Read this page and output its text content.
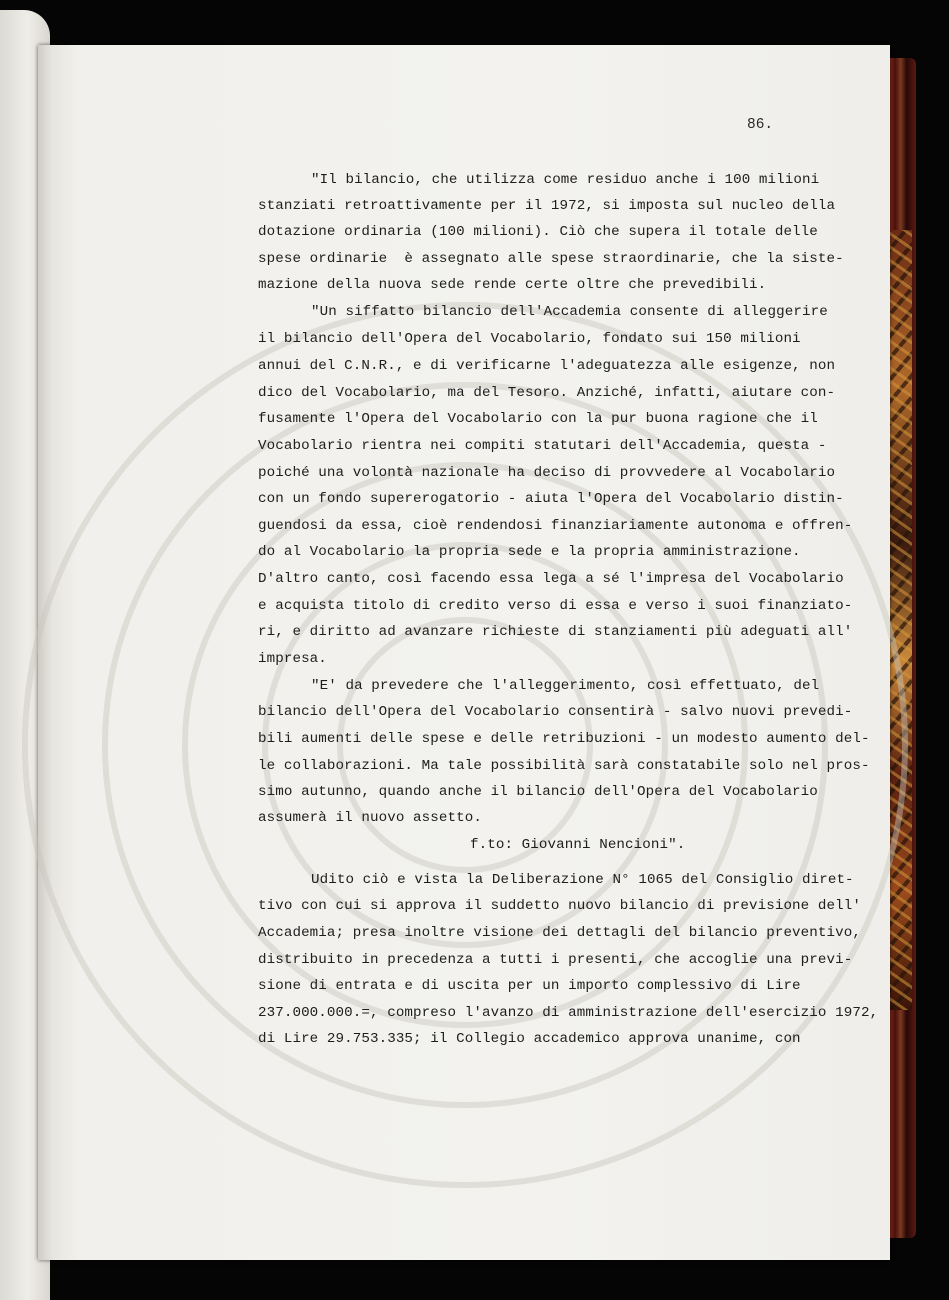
86.
"Il bilancio, che utilizza come residuo anche i 100 milioni
stanziati retroattivamente per il 1972, si imposta sul nucleo della
dotazione ordinaria (100 milioni). Ciò che supera il totale delle
spese ordinarie  è assegnato alle spese straordinarie, che la siste-
mazione della nuova sede rende certe oltre che prevedibili.
"Un siffatto bilancio dell'Accademia consente di alleggerire
il bilancio dell'Opera del Vocabolario, fondato sui 150 milioni
annui del C.N.R., e di verificarne l'adeguatezza alle esigenze, non
dico del Vocabolario, ma del Tesoro. Anziché, infatti, aiutare con-
fusamente l'Opera del Vocabolario con la pur buona ragione che il
Vocabolario rientra nei compiti statutari dell'Accademia, questa -
poiché una volontà nazionale ha deciso di provvedere al Vocabolario
con un fondo supererogatorio - aiuta l'Opera del Vocabolario distin-
guendosi da essa, cioè rendendosi finanziariamente autonoma e offren-
do al Vocabolario la propria sede e la propria amministrazione.
D'altro canto, così facendo essa lega a sé l'impresa del Vocabolario
e acquista titolo di credito verso di essa e verso i suoi finanziato-
ri, e diritto ad avanzare richieste di stanziamenti più adeguati all'
impresa.
"E' da prevedere che l'alleggerimento, così effettuato, del
bilancio dell'Opera del Vocabolario consentirà - salvo nuovi prevedi-
bili aumenti delle spese e delle retribuzioni - un modesto aumento del-
le collaborazioni. Ma tale possibilità sarà constatabile solo nel pros-
simo autunno, quando anche il bilancio dell'Opera del Vocabolario
assumerà il nuovo assetto.
f.to: Giovanni Nencioni".
Udito ciò e vista la Deliberazione N° 1065 del Consiglio diret-
tivo con cui si approva il suddetto nuovo bilancio di previsione dell'
Accademia; presa inoltre visione dei dettagli del bilancio preventivo,
distribuito in precedenza a tutti i presenti, che accoglie una previ-
sione di entrata e di uscita per un importo complessivo di Lire
237.000.000.=, compreso l'avanzo di amministrazione dell'esercizio 1972,
di Lire 29.753.335; il Collegio accademico approva unanime, con
